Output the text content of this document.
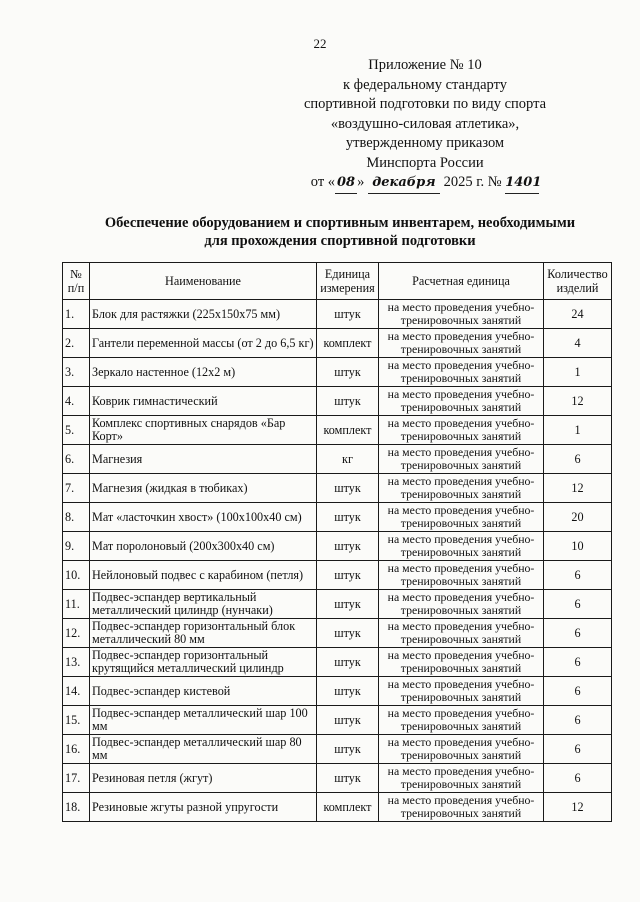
22
Приложение № 10
к федеральному стандарту
спортивной подготовки по виду спорта
«воздушно-силовая атлетика»,
утвержденному приказом
Минспорта России
от « 08 » декабря 2025 г. № 1401
Обеспечение оборудованием и спортивным инвентарем, необходимыми
для прохождения спортивной подготовки
№ п/п	Наименование	Единица измерения	Расчетная единица	Количество изделий
1.	Блок для растяжки (225x150x75 мм)	штук	на место проведения учебно-тренировочных занятий	24
2.	Гантели переменной массы (от 2 до 6,5 кг)	комплект	на место проведения учебно-тренировочных занятий	4
3.	Зеркало настенное (12x2 м)	штук	на место проведения учебно-тренировочных занятий	1
4.	Коврик гимнастический	штук	на место проведения учебно-тренировочных занятий	12
5.	Комплекс спортивных снарядов «Бар Корт»	комплект	на место проведения учебно-тренировочных занятий	1
6.	Магнезия	кг	на место проведения учебно-тренировочных занятий	6
7.	Магнезия (жидкая в тюбиках)	штук	на место проведения учебно-тренировочных занятий	12
8.	Мат «ласточкин хвост» (100x100x40 см)	штук	на место проведения учебно-тренировочных занятий	20
9.	Мат поролоновый (200x300x40 см)	штук	на место проведения учебно-тренировочных занятий	10
10.	Нейлоновый подвес с карабином (петля)	штук	на место проведения учебно-тренировочных занятий	6
11.	Подвес-эспандер вертикальный металлический цилиндр (нунчаки)	штук	на место проведения учебно-тренировочных занятий	6
12.	Подвес-эспандер горизонтальный блок металлический 80 мм	штук	на место проведения учебно-тренировочных занятий	6
13.	Подвес-эспандер горизонтальный крутящийся металлический цилиндр	штук	на место проведения учебно-тренировочных занятий	6
14.	Подвес-эспандер кистевой	штук	на место проведения учебно-тренировочных занятий	6
15.	Подвес-эспандер металлический шар 100 мм	штук	на место проведения учебно-тренировочных занятий	6
16.	Подвес-эспандер металлический шар 80 мм	штук	на место проведения учебно-тренировочных занятий	6
17.	Резиновая петля (жгут)	штук	на место проведения учебно-тренировочных занятий	6
18.	Резиновые жгуты разной упругости	комплект	на место проведения учебно-тренировочных занятий	12
